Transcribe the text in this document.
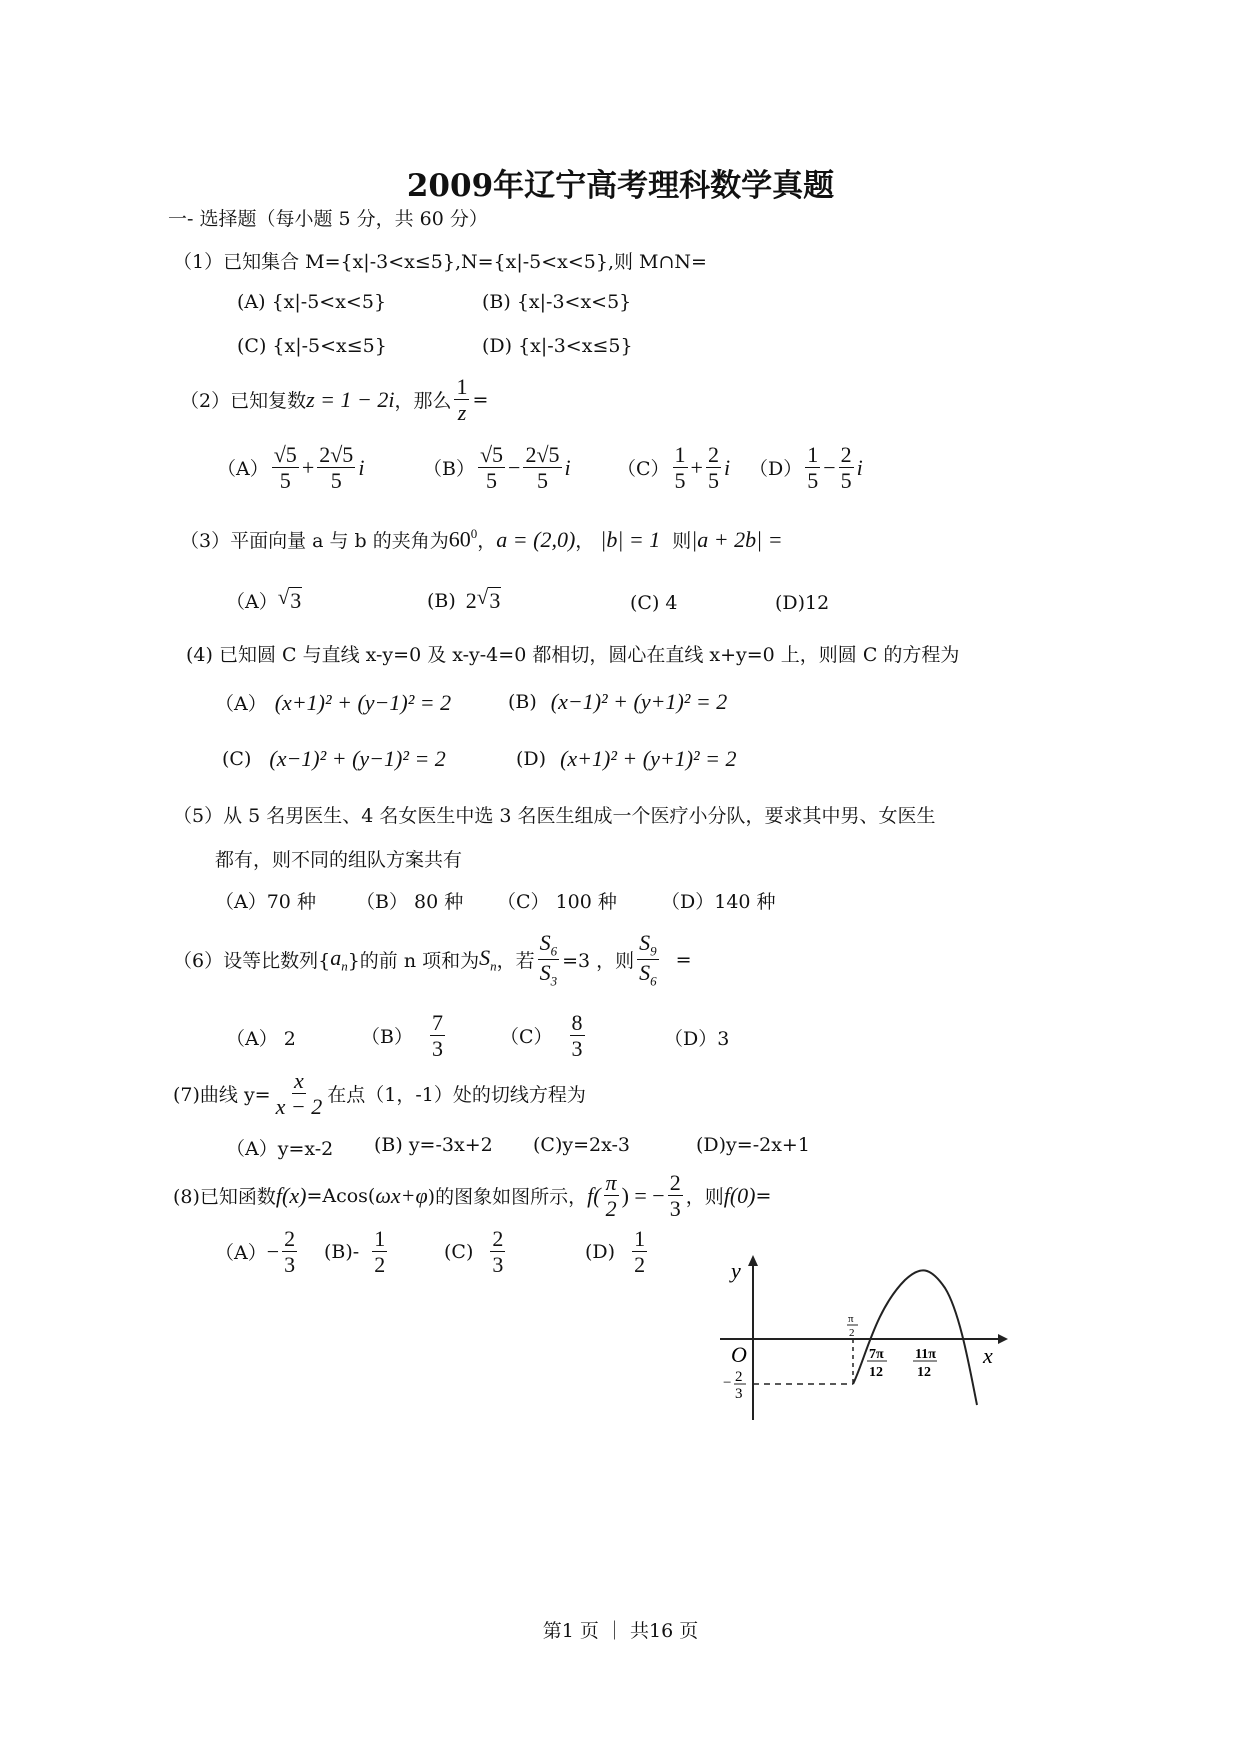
2009年辽宁高考理科数学真题
一- 选择题（每小题 5 分，共 60 分）
（1）已知集合 M={x|-3<x≤5},N={x|-5<x<5},则 M∩N=
(A) {x|-5<x<5}	(B) {x|-3<x<5}
(C) {x|-5<x≤5}	(D) {x|-3<x≤5}
（2）已知复数 z = 1 − 2i ，那么 $\frac{1}{z}$ =
$(A) \frac{√5}{5} + \frac{2√5}{5}$ i	$(B) \frac{√5}{5} - \frac{2√5}{5}$ i $(C) \frac{1}{5} + \frac{2}{5}$ i $(D) \frac{1}{5} - \frac{2}{5}$ i
（3）平面向量 a 与 b 的夹角为 $60^0$ ， a = (2,0) ， |b| = 1 则 |a + 2b| =
（A） √ 3	(B) 2 √ 3	(C) 4	(D)12
(4) 已知圆 C 与直线 x-y=0 及 x-y-4=0 都相切，圆心在直线 x+y=0 上，则圆 C 的方程为
（A） (x+1)² + (y−1)² = 2	(B) (x−1)² + (y+1)² = 2
(C) (x−1)² + (y−1)² = 2	(D) (x+1)² + (y+1)² = 2
（5）从 5 名男医生、4 名女医生中选 3 名医生组成一个医疗小分队，要求其中男、女医生
都有，则不同的组队方案共有
（A）70 种 （B） 80 种 （C） 100 种 （D）140 种
（6）设等比数列{ $a_n$ }的前 n 项和为 $S_n$ ，若 $\frac{S_6}{S_3} =3$ ，则 $\frac{S_9}{S_6}$ =
（A） 2	$(B) \frac{7}{3}$	$(C) \frac{8}{3}$	（D）3
(7)曲线 $y= \frac{x}{x - 2}$ 在点（1，-1）处的切线方程为
（A）y=x-2 (B) y=-3x+2 (C)y=2x-3	(D)y=-2x+1
(8)已知函数 f(x) =Acos( ωx+φ )的图象如图所示， $f( \frac{\pi}{2}$ ) = − $\frac{2}{3}$ ，则 f(0) =
$(A) - \frac{2}{3} (B)- \frac{1}{2}$	$(C) \frac{2}{3}$	$(D) \frac{1}{2}$	y
x
O
π
2
− 2
3
7π
12
11π
12
第1 页 ｜ 共16 页
